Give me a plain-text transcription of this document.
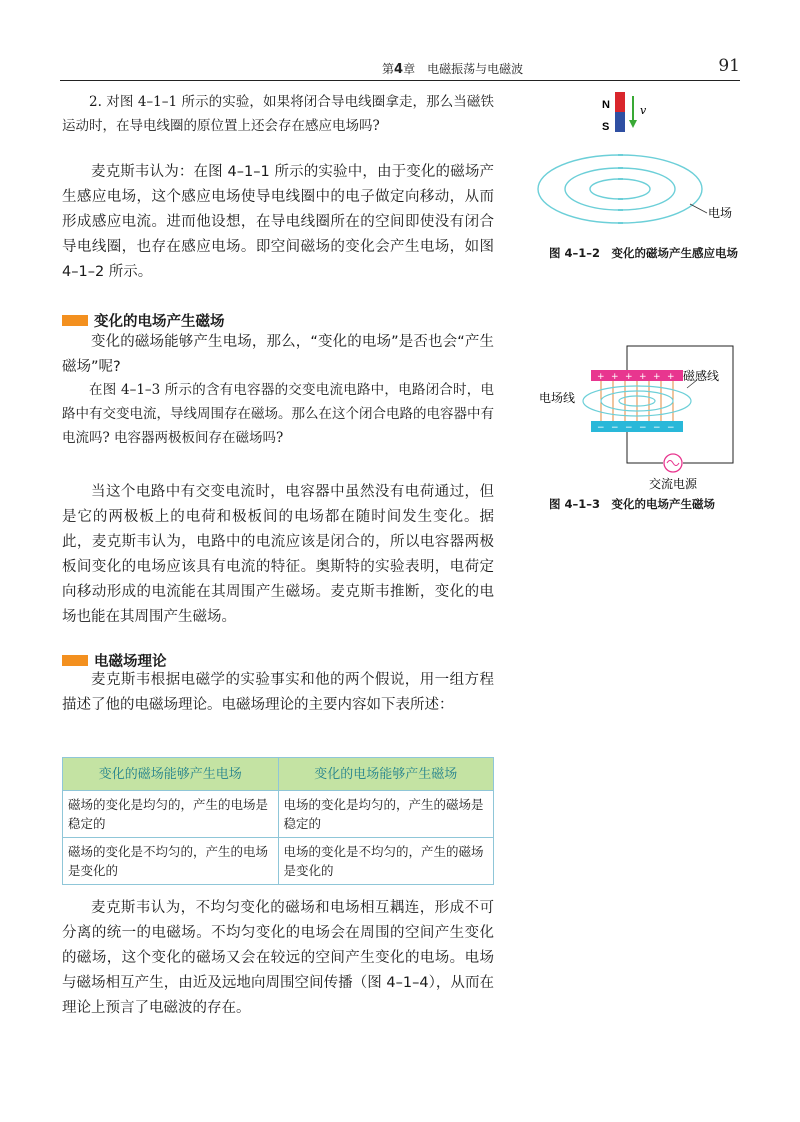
第4章　 电磁振荡与电磁波	91

2. 对图 4–1–1 所示的实验，如果将闭合导电线圈拿走，那么当磁铁运动时，在导电线圈的原位置上还会存在感应电场吗?

麦克斯韦认为：在图 4–1–1 所示的实验中，由于变化的磁场产生感应电场，这个感应电场使导电线圈中的电子做定向移动，从而形成感应电流。进而他设想，在导电线圈所在的空间即使没有闭合导电线圈，也存在感应电场。即空间磁场的变化会产生电场，如图 4–1–2 所示。

变化的电场产生磁场

变化的磁场能够产生电场，那么，“变化的电场”是否也会“产生磁场”呢?

在图 4–1–3 所示的含有电容器的交变电流电路中，电路闭合时，电路中有交变电流，导线周围存在磁场。那么在这个闭合电路的电容器中有电流吗? 电容器两极板间存在磁场吗?

当这个电路中有交变电流时，电容器中虽然没有电荷通过，但是它的两极板上的电荷和极板间的电场都在随时间发生变化。据此，麦克斯韦认为，电路中的电流应该是闭合的，所以电容器两极板间变化的电场应该具有电流的特征。奥斯特的实验表明，电荷定向移动形成的电流能在其周围产生磁场。麦克斯韦推断，变化的电场也能在其周围产生磁场。

电磁场理论

麦克斯韦根据电磁学的实验事实和他的两个假说，用一组方程描述了他的电磁场理论。电磁场理论的主要内容如下表所述：

变化的磁场能够产生电场	变化的电场能够产生磁场
磁场的变化是均匀的，产生的电场是稳定的	电场的变化是均匀的，产生的磁场是稳定的
磁场的变化是不均匀的，产生的电场是变化的	电场的变化是不均匀的，产生的磁场是变化的

麦克斯韦认为，不均匀变化的磁场和电场相互耦连，形成不可分离的统一的电磁场。不均匀变化的电场会在周围的空间产生变化的磁场，这个变化的磁场又会在较远的空间产生变化的电场。电场与磁场相互产生，由近及远地向周围空间传播（图 4–1–4），从而在理论上预言了电磁波的存在。

N
S
v
电场
图 4–1–2　变化的磁场产生感应电场
+ + + + + +
− − − − − −
磁感线
电场线
交流电源
图 4–1–3　变化的电场产生磁场
